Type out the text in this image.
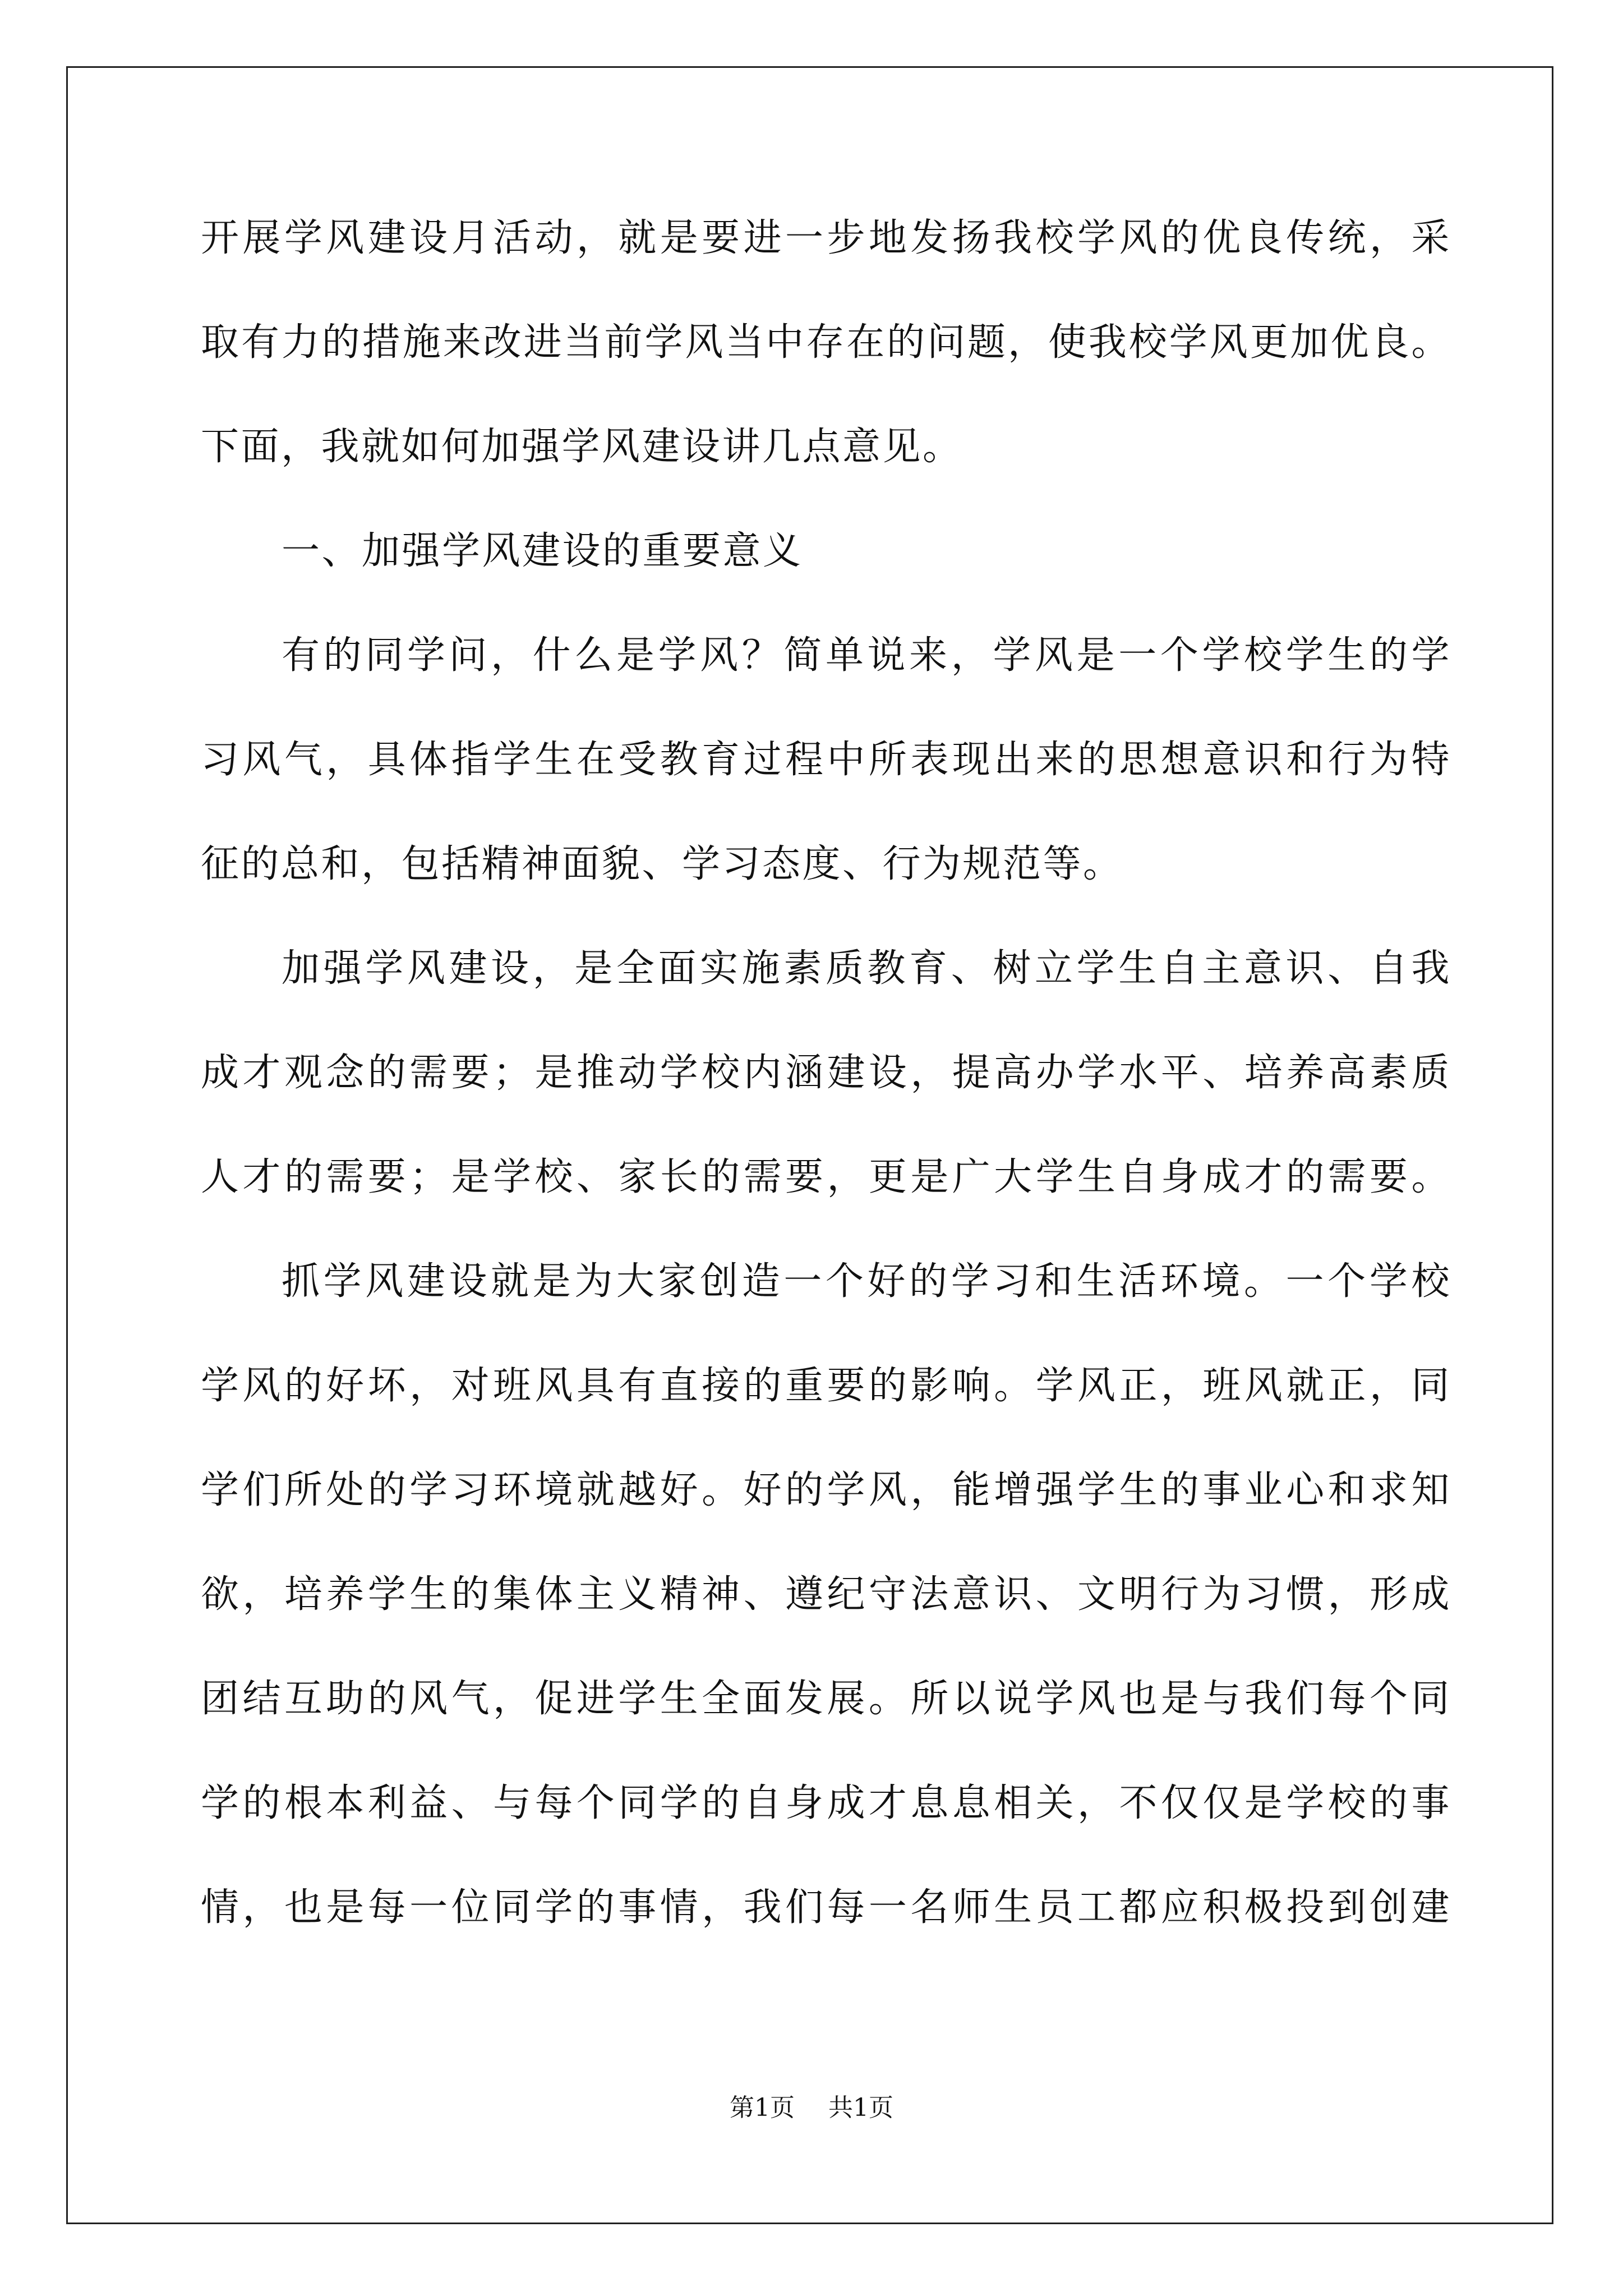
开展学风建设月活动，就是要进一步地发扬我校学风的优良传统，采
取有力的措施来改进当前学风当中存在的问题，使我校学风更加优良。
下面，我就如何加强学风建设讲几点意见。
一、加强学风建设的重要意义
有的同学问，什么是学风？简单说来，学风是一个学校学生的学
习风气，具体指学生在受教育过程中所表现出来的思想意识和行为特
征的总和，包括精神面貌、学习态度、行为规范等。
加强学风建设，是全面实施素质教育、树立学生自主意识、自我
成才观念的需要；是推动学校内涵建设，提高办学水平、培养高素质
人才的需要；是学校、家长的需要，更是广大学生自身成才的需要。
抓学风建设就是为大家创造一个好的学习和生活环境。一个学校
学风的好坏，对班风具有直接的重要的影响。学风正，班风就正，同
学们所处的学习环境就越好。好的学风，能增强学生的事业心和求知
欲，培养学生的集体主义精神、遵纪守法意识、文明行为习惯，形成
团结互助的风气，促进学生全面发展。所以说学风也是与我们每个同
学的根本利益、与每个同学的自身成才息息相关，不仅仅是学校的事
情，也是每一位同学的事情，我们每一名师生员工都应积极投到创建
第1页 共1页
